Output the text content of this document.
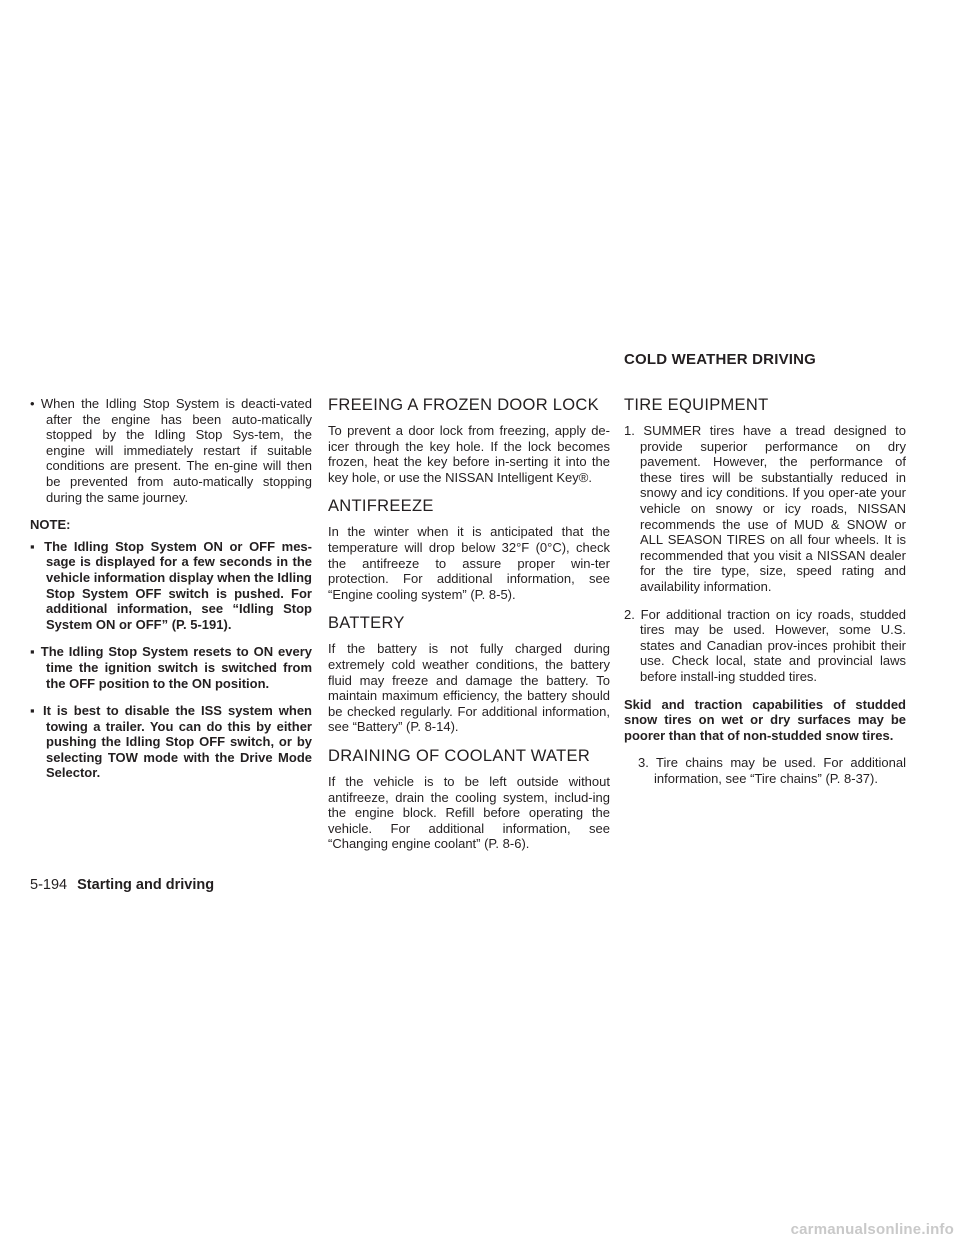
COLD WEATHER DRIVING

• When the Idling Stop System is deacti-vated after the engine has been auto-matically stopped by the Idling Stop Sys-tem, the engine will immediately restart if suitable conditions are present. The en-gine will then be prevented from auto-matically stopping during the same journey.

NOTE:

▪ The Idling Stop System ON or OFF mes-sage is displayed for a few seconds in the vehicle information display when the Idling Stop System OFF switch is pushed. For additional information, see “Idling Stop System ON or OFF” (P. 5-191).

▪ The Idling Stop System resets to ON every time the ignition switch is switched from the OFF position to the ON position.

▪ It is best to disable the ISS system when towing a trailer. You can do this by either pushing the Idling Stop OFF switch, or by selecting TOW mode with the Drive Mode Selector.

FREEING A FROZEN DOOR LOCK

To prevent a door lock from freezing, apply de-icer through the key hole. If the lock becomes frozen, heat the key before in-serting it into the key hole, or use the NISSAN Intelligent Key®.

ANTIFREEZE

In the winter when it is anticipated that the temperature will drop below 32°F (0°C), check the antifreeze to assure proper win-ter protection. For additional information, see “Engine cooling system” (P. 8-5).

BATTERY

If the battery is not fully charged during extremely cold weather conditions, the battery fluid may freeze and damage the battery. To maintain maximum efficiency, the battery should be checked regularly. For additional information, see “Battery” (P. 8-14).

DRAINING OF COOLANT WATER

If the vehicle is to be left outside without antifreeze, drain the cooling system, includ-ing the engine block. Refill before operating the vehicle. For additional information, see “Changing engine coolant” (P. 8-6).

TIRE EQUIPMENT

1. SUMMER tires have a tread designed to provide superior performance on dry pavement. However, the performance of these tires will be substantially reduced in snowy and icy conditions. If you oper-ate your vehicle on snowy or icy roads, NISSAN recommends the use of MUD & SNOW or ALL SEASON TIRES on all four wheels. It is recommended that you visit a NISSAN dealer for the tire type, size, speed rating and availability information.

2. For additional traction on icy roads, studded tires may be used. However, some U.S. states and Canadian prov-inces prohibit their use. Check local, state and provincial laws before install-ing studded tires.

Skid and traction capabilities of studded snow tires on wet or dry surfaces may be poorer than that of non-studded snow tires.

3. Tire chains may be used. For additional information, see “Tire chains” (P. 8-37).

5-194 Starting and driving
carmanualsonline.info
